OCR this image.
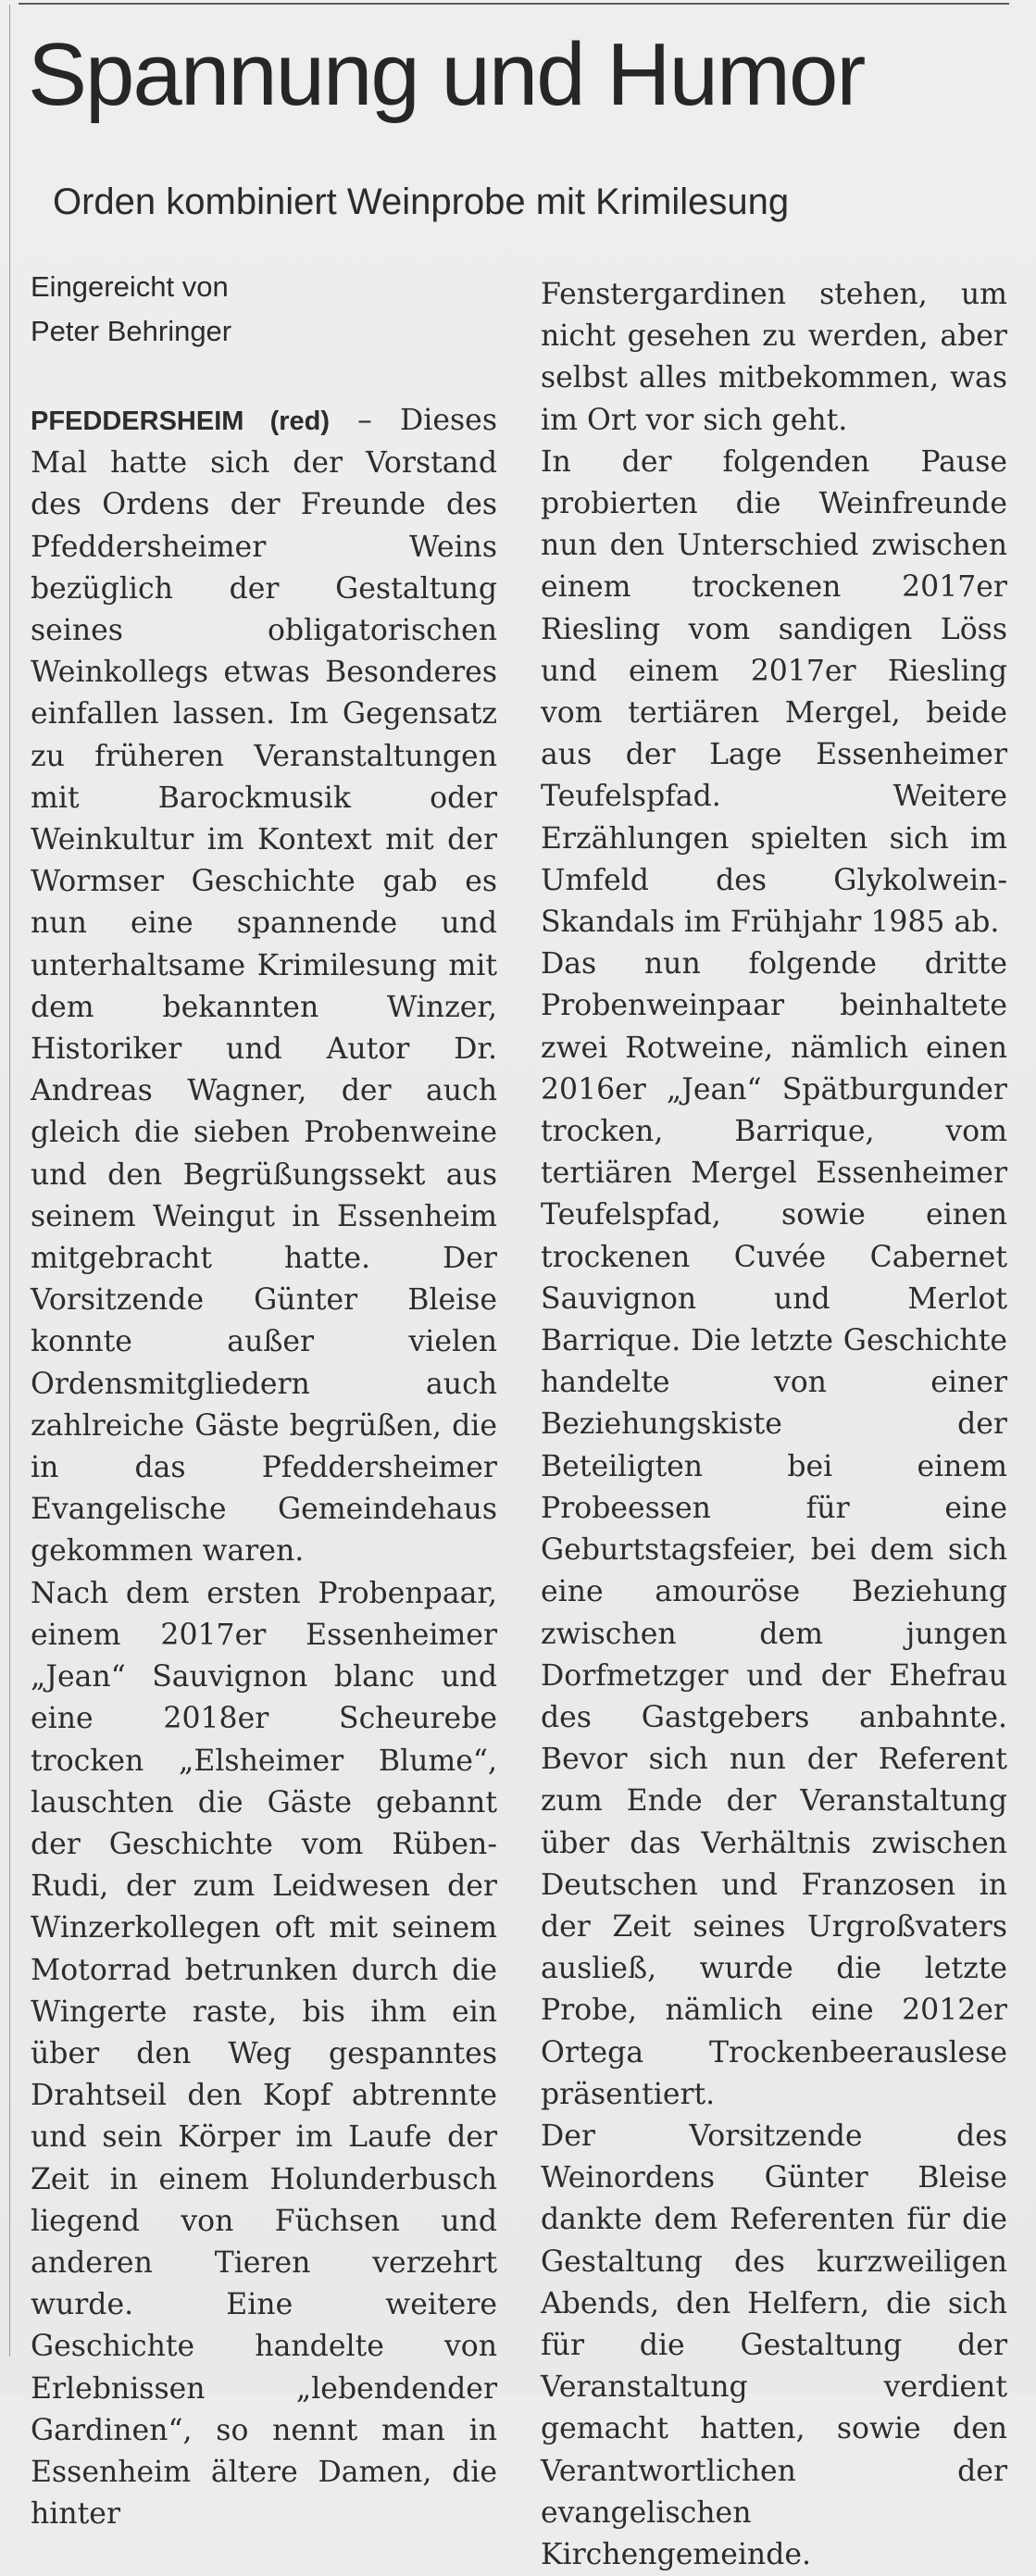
Spannung und Humor
Orden kombiniert Weinprobe mit Krimilesung
Eingereicht von
Peter Behringer

PFEDDERSHEIM (red) – Dieses Mal hatte sich der Vorstand des Ordens der Freunde des Pfeddersheimer Weins bezüglich der Gestaltung seines obligatorischen Weinkollegs etwas Besonderes einfallen lassen. Im Gegensatz zu früheren Veranstaltungen mit Barockmusik oder Weinkultur im Kontext mit der Wormser Geschichte gab es nun eine spannende und unterhaltsame Krimilesung mit dem bekannten Winzer, Historiker und Autor Dr. Andreas Wagner, der auch gleich die sieben Probenweine und den Begrüßungssekt aus seinem Weingut in Essenheim mitgebracht hatte. Der Vorsitzende Günter Bleise konnte außer vielen Ordensmitgliedern auch zahlreiche Gäste begrüßen, die in das Pfeddersheimer Evangelische Gemeindehaus gekommen waren.

Nach dem ersten Probenpaar, einem 2017er Essenheimer „Jean“ Sauvignon blanc und eine 2018er Scheurebe trocken „Elsheimer Blume“, lauschten die Gäste gebannt der Geschichte vom Rüben-Rudi, der zum Leidwesen der Winzerkollegen oft mit seinem Motorrad betrunken durch die Wingerte raste, bis ihm ein über den Weg gespanntes Drahtseil den Kopf abtrennte und sein Körper im Laufe der Zeit in einem Holunderbusch liegend von Füchsen und anderen Tieren verzehrt wurde. Eine weitere Geschichte handelte von Erlebnissen „lebendender Gardinen“, so nennt man in Essenheim ältere Damen, die hinter

Fenstergardinen stehen, um nicht gesehen zu werden, aber selbst alles mitbekommen, was im Ort vor sich geht.

In der folgenden Pause probierten die Weinfreunde nun den Unterschied zwischen einem trockenen 2017er Riesling vom sandigen Löss und einem 2017er Riesling vom tertiären Mergel, beide aus der Lage Essenheimer Teufelspfad. Weitere Erzählungen spielten sich im Umfeld des Glykolwein-Skandals im Frühjahr 1985 ab.

Das nun folgende dritte Probenweinpaar beinhaltete zwei Rotweine, nämlich einen 2016er „Jean“ Spätburgunder trocken, Barrique, vom tertiären Mergel Essenheimer Teufelspfad, sowie einen trockenen Cuvée Cabernet Sauvignon und Merlot Barrique. Die letzte Geschichte handelte von einer Beziehungskiste der Beteiligten bei einem Probeessen für eine Geburtstagsfeier, bei dem sich eine amouröse Beziehung zwischen dem jungen Dorfmetzger und der Ehefrau des Gastgebers anbahnte. Bevor sich nun der Referent zum Ende der Veranstaltung über das Verhältnis zwischen Deutschen und Franzosen in der Zeit seines Urgroßvaters ausließ, wurde die letzte Probe, nämlich eine 2012er Ortega Trockenbeerauslese präsentiert.

Der Vorsitzende des Weinordens Günter Bleise dankte dem Referenten für die Gestaltung des kurzweiligen Abends, den Helfern, die sich für die Gestaltung der Veranstaltung verdient gemacht hatten, sowie den Verantwortlichen der evangelischen Kirchengemeinde.
